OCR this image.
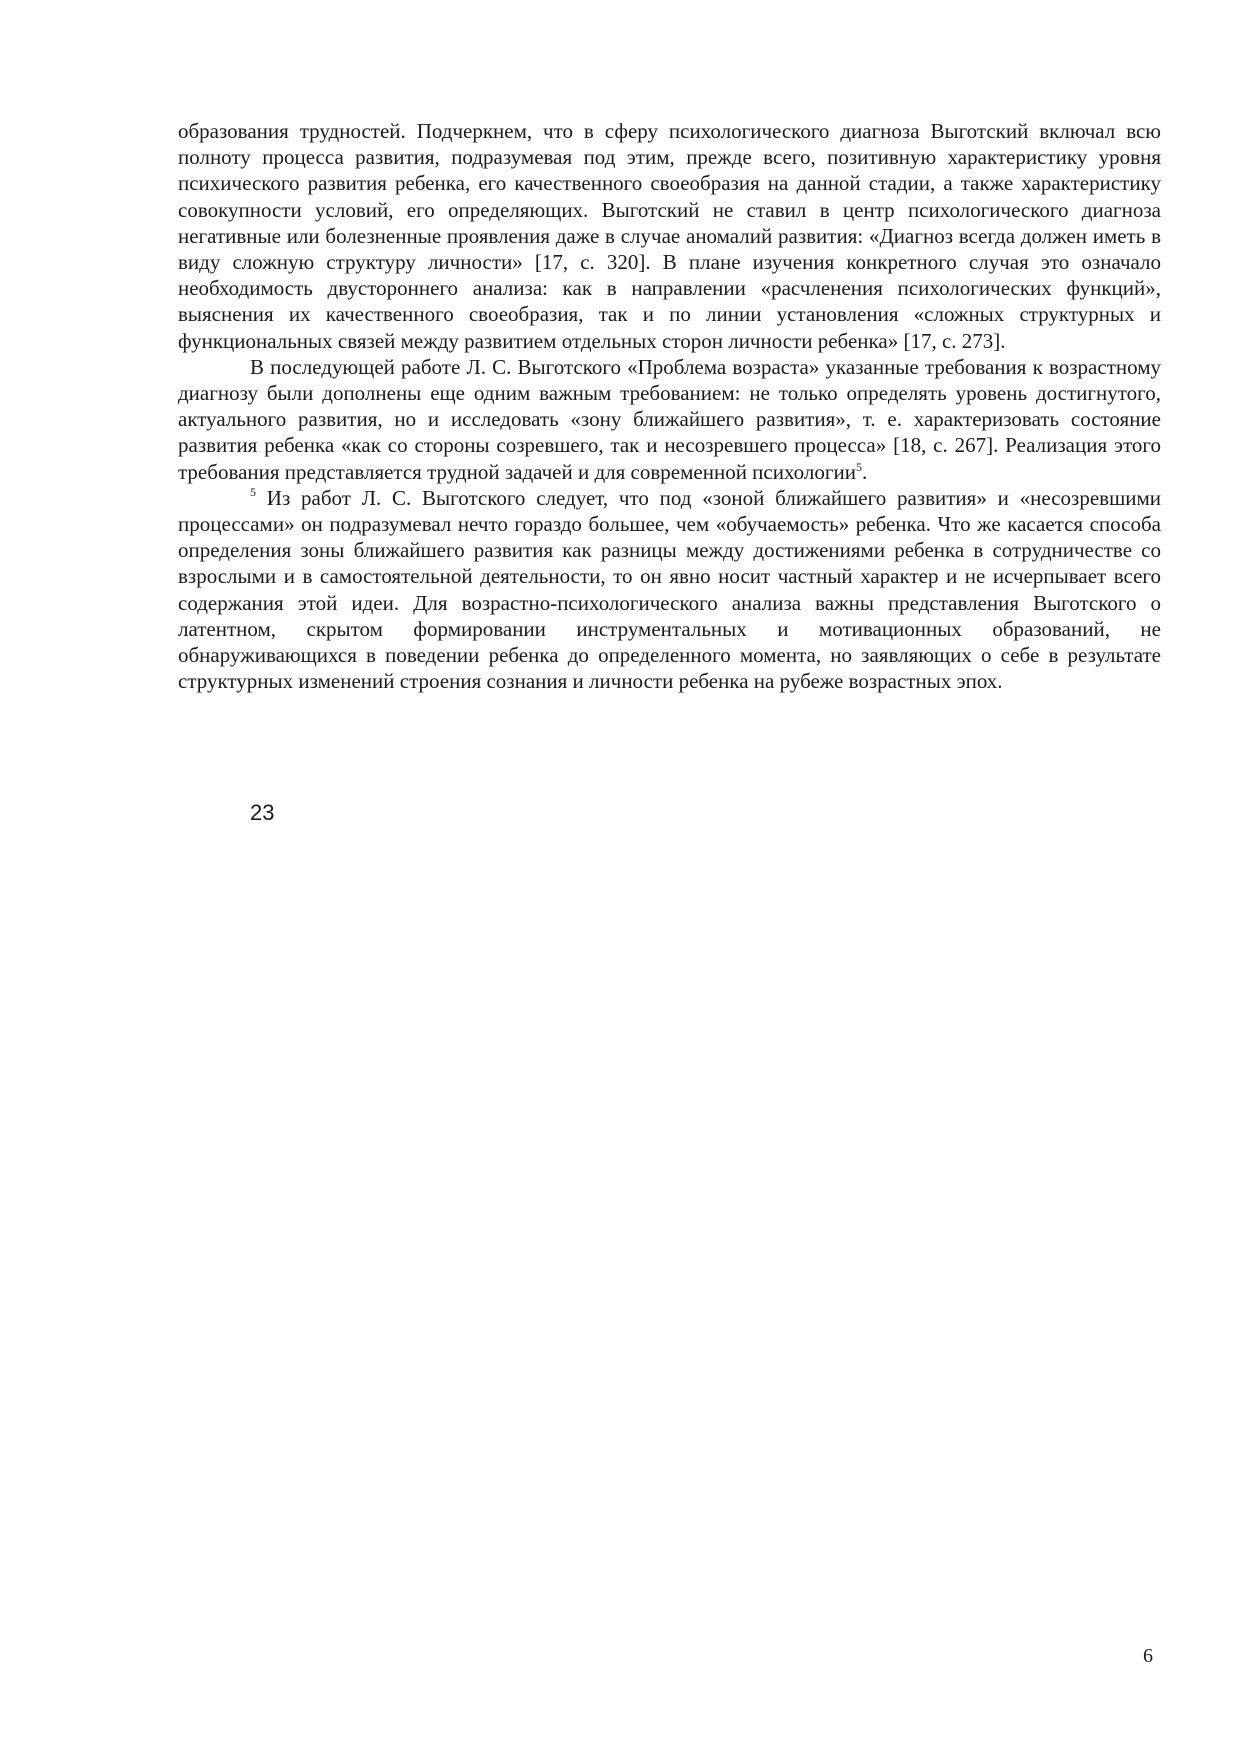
образования трудностей. Подчеркнем, что в сферу психологического диагноза Выготский включал всю полноту процесса развития, подразумевая под этим, прежде всего, позитивную характеристику уровня психического развития ребенка, его качественного своеобразия на данной стадии, а также характеристику совокупности условий, его определяющих. Выготский не ставил в центр психологического диагноза негативные или болезненные проявления даже в случае аномалий развития: «Диагноз всегда должен иметь в виду сложную структуру личности» [17, с. 320]. В плане изучения конкретного случая это означало необходимость двустороннего анализа: как в направлении «расчленения психологических функций», выяснения их качественного своеобразия, так и по линии установления «сложных структурных и функциональных связей между развитием отдельных сторон личности ребенка» [17, с. 273].

В последующей работе Л. С. Выготского «Проблема возраста» указанные требования к возрастному диагнозу были дополнены еще одним важным требованием: не только определять уровень достигнутого, актуального развития, но и исследовать «зону ближайшего развития», т. е. характеризовать состояние развития ребенка «как со стороны созревшего, так и несозревшего процесса» [18, с. 267]. Реализация этого требования представляется трудной задачей и для современной психологии$^5$.

$^5$ Из работ Л. С. Выготского следует, что под «зоной ближайшего развития» и «несозревшими процессами» он подразумевал нечто гораздо большее, чем «обучаемость» ребенка. Что же касается способа определения зоны ближайшего развития как разницы между достижениями ребенка в сотрудничестве со взрослыми и в самостоятельной деятельности, то он явно носит частный характер и не исчерпывает всего содержания этой идеи. Для возрастно-психологического анализа важны представления Выготского о латентном, скрытом формировании инструментальных и мотивационных образований, не обнаруживающихся в поведении ребенка до определенного момента, но заявляющих о себе в результате структурных изменений строения сознания и личности ребенка на рубеже возрастных эпох.

23
6
